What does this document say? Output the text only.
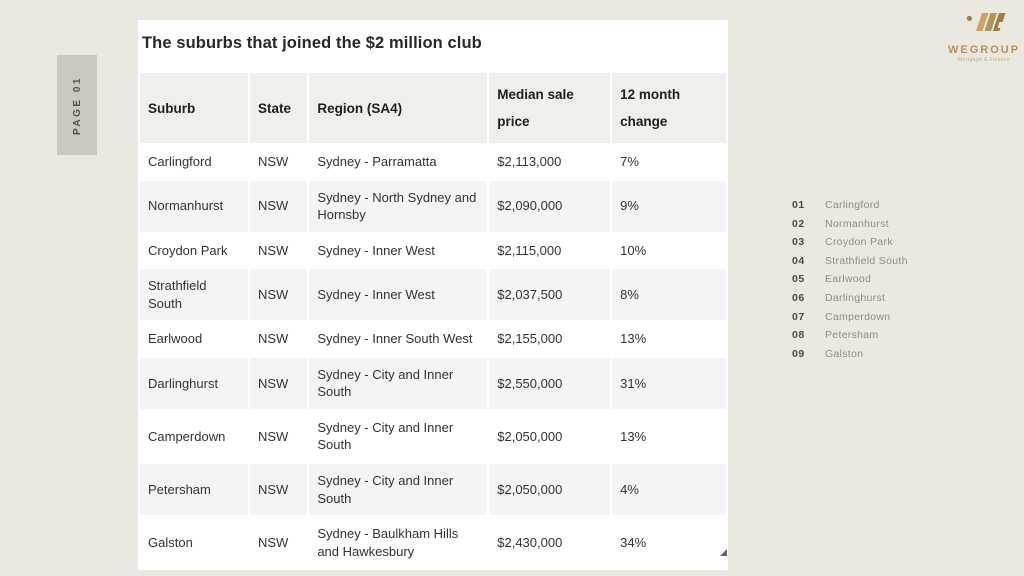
PAGE 01
The suburbs that joined the $2 million club
Suburb	State	Region (SA4)	Median sale price	12 month change
Carlingford	NSW	Sydney - Parramatta	$2,113,000	7%
Normanhurst	NSW	Sydney - North Sydney and Hornsby	$2,090,000	9%
Croydon Park	NSW	Sydney - Inner West	$2,115,000	10%
Strathfield South	NSW	Sydney - Inner West	$2,037,500	8%
Earlwood	NSW	Sydney - Inner South West	$2,155,000	13%
Darlinghurst	NSW	Sydney - City and Inner South	$2,550,000	31%
Camperdown	NSW	Sydney - City and Inner South	$2,050,000	13%
Petersham	NSW	Sydney - City and Inner South	$2,050,000	4%
Galston	NSW	Sydney - Baulkham Hills and Hawkesbury	$2,430,000	34%
01	Carlingford
02	Normanhurst
03	Croydon Park
04	Strathfield South
05	Earlwood
06	Darlinghurst
07	Camperdown
08	Petersham
09	Galston
WEGROUP
Mortgage & Finance
